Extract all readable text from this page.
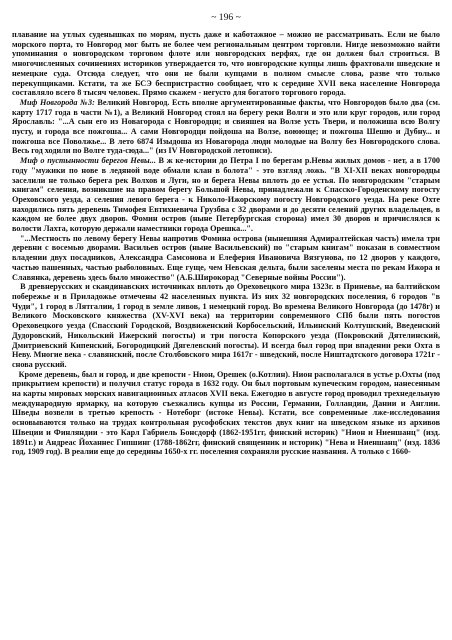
~ 196 ~

плавание на утлых суденышках по морям, пусть даже и каботажное – можно не рассматривать. Если не было морского порта, то Новгород мог быть не более чем региональным центром торговли. Нигде невозможно найти упоминания о новгородском торговом флоте или новгородских верфях, где он должен был строиться. В многочисленных сочинениях историков утверждается то, что новгородские купцы лишь фрахтовали шведские и немецкие суда. Отсюда следует, что они не были купцами в полном смысле слова, разве что только перекупщиками. Кстати, та же БСЭ беспристрастно сообщает, что к середине XVII века население Новгорода составляло всего 8 тысяч человек. Прямо скажем - негусто для богатого торгового города.

Миф Новгорода №3: Великий Новгород. Есть вполне аргументированные факты, что Новгородов было два (см. карту 1717 года в части №1), а Великий Новгород стоял на берегу реки Волги и это или круг городов, или город Ярославль: "...А сын его из Новагорода с Новгородци; и свияшея на Волзе усть Твери, и положиша всю Волгу пусту, и города все пожгоша... А сами Новгородци пойдоша на Волзе, воююще; и пожгоша Шешю и Дубну... и пожгоша все Поволжье... В лето 6874 Изыдоша из Новагорода люди молодые на Волгу без Новгородского слова. Весь год ходили по Волге туда-сюда..." (из IV Новгородской летописи).

Миф о пустынности берегов Невы... В ж ке-истории до Петра I по берегам р.Невы жилых домов - нет, а в 1700 году "мужики по нове в ледяной воде обмали клан в болота" - это взгляд ложь. "В XI-XII веках новгородцы заселили не только берега рек Волхов и Луги, но и берега Невы вплоть до ее устья. По новгородским "старым книгам" селения, возникшие на правом берегу Большой Невы, принадлежали к Спасско-Городенскому погосту Ореховского уезда, а селения левого берега - к Николо-Ижорскому погосту Новгородского уезда. На реке Охте находились пять деревень Тимофея Евтихиевича Грузбва с 32 дворами и до десяти селений других владельцев, в каждом не более двух дворов. Фомин остров (ныне Петербургская сторона) имел 30 дворов и причислялся к волости Лахта, которую держали наместники города Орешка...".

"...Местность по левому берегу Невы напротив Фомина острова (нынешняя Адмиралтейская часть) имела три деревни с восемью дворами. Васильев остров (ныне Васильевский) по "старым книгам" показан в совместном владении двух посадников, Александра Самсонова и Елеферия Ивановича Вязгунова, по 12 дворов у каждого, частью пашенных, частью рыболовных. Еще гуще, чем Невская дельта, были заселены места по рекам Ижора и Славянка, деревень здесь было множество" (А.Б.Широкорад "Северные войны России").

В древнерусских и скандинавских источниках вплоть до Ореховецкого мира 1323г. в Приневье, на балтийском побережье и в Приладожье отмечены 42 населенных пункта. Из них 32 новгородских поселения, 6 городов "в Чуди", 1 город в Лятгалии, 1 город в земле ливов, 1 немецкий город. Во времена Великого Новгорода (до 1478г) и Великого Московского княжества (XV-XVI века) на территории современного СПб были пять погостов Ореховецкого уезда (Спасский Городской, Воздвиженский Корбосельский, Ильинский Колтушский, Введенский Дудоровский, Никольский Ижерский погосты) и три погоста Копорского уезда (Покровский Дятелинский, Дмитриевский Кипенский, Богородицкий Дягелевский погосты). И всегда был город при впадении реки Охта в Неву. Многие века - славянский, после Столбовского мира 1617г - шведский, после Ништадтского договора 1721г - снова русский.

Кроме деревень, был и город, и две крепости - Нион, Орешек (о.Котлин). Нион располагался в устье р.Охты (под прикрытием крепости) и получил статус города в 1632 году. Он был портовым купеческим городом, нанесенным на карты мировых морских навигационных атласов XVII века. Ежегодно в августе город проводил трехнедельную международную ярмарку, на которую съезжались купцы из России, Германии, Голландии, Дании и Англии. Шведы возвели в третью крепость - Нотеборг (истоке Невы). Кстати, все современные лже-исследования основываются только на трудах контрольная русофобских текстов двух книг на шведском языке из архивов Швеции и Финляндии - это Карл Габриель Бонсдорф (1862-1951гг, финский историк) "Нион и Ниеншанц" (изд. 1891г.) и Андреас Йоханнес Гипшинг (1788-1862гг, финский священник и историк) "Нева и Ниеншанц" (изд. 1836 год, 1909 год). В реалии еще до середины 1650-х гг. поселения сохраняли русские названия. А только с 1660-
